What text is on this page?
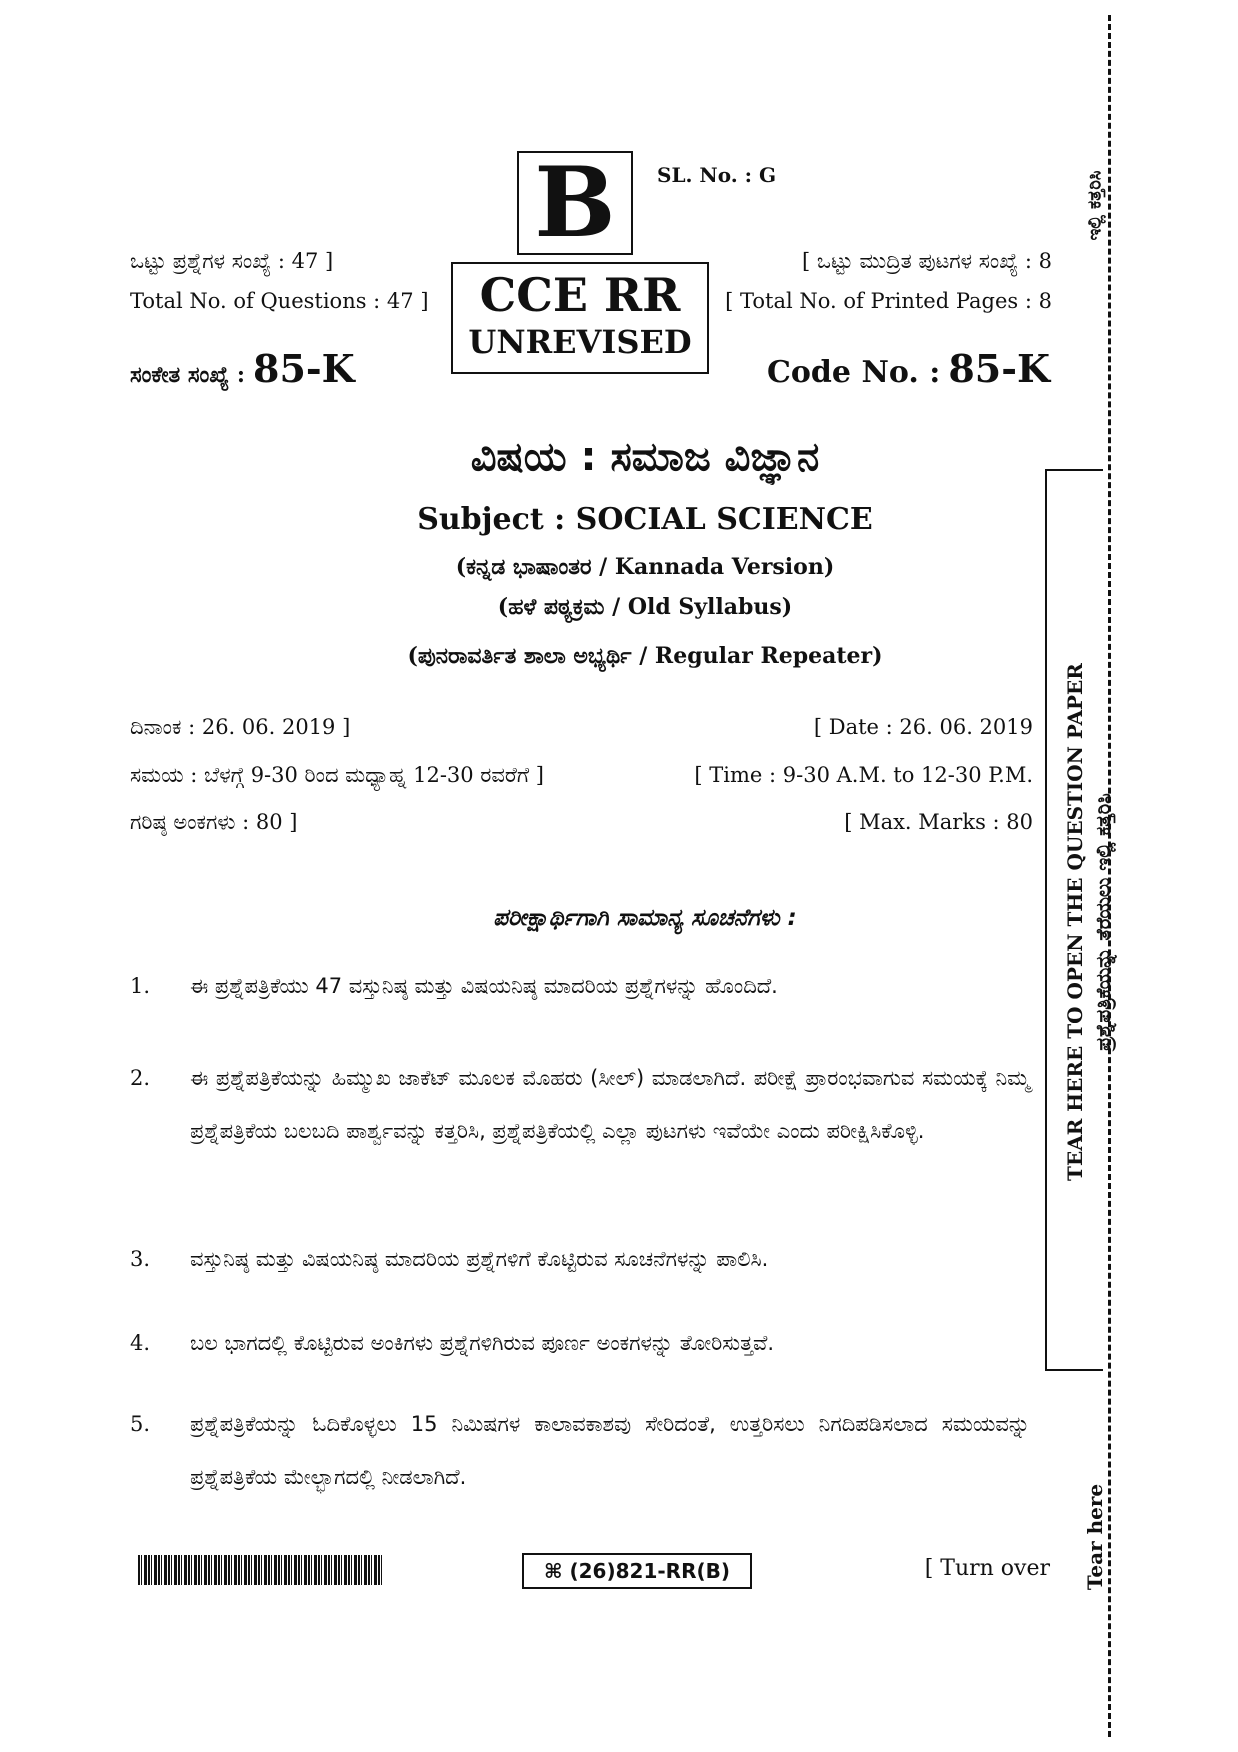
B	SL. No. : G
CCE RR
UNREVISED
ಒಟ್ಟು ಪ್ರಶ್ನೆಗಳ ಸಂಖ್ಯೆ : 47 ]
Total No. of Questions : 47 ]
[ ಒಟ್ಟು ಮುದ್ರಿತ ಪುಟಗಳ ಸಂಖ್ಯೆ : 8
[ Total No. of Printed Pages : 8
ಸಂಕೇತ ಸಂಖ್ಯೆ : 85-K	Code No. : 85-K
ವಿಷಯ : ಸಮಾಜ ವಿಜ್ಞಾನ
Subject : SOCIAL SCIENCE
(ಕನ್ನಡ ಭಾಷಾಂತರ / Kannada Version)
(ಹಳೆ ಪಠ್ಯಕ್ರಮ / Old Syllabus)
(ಪುನರಾವರ್ತಿತ ಶಾಲಾ ಅಭ್ಯರ್ಥಿ / Regular Repeater)
ದಿನಾಂಕ : 26. 06. 2019 ]	[ Date : 26. 06. 2019
ಸಮಯ : ಬೆಳಗ್ಗೆ 9-30 ರಿಂದ ಮಧ್ಯಾಹ್ನ 12-30 ರವರೆಗೆ ]	[ Time : 9-30 A.M. to 12-30 P.M.
ಗರಿಷ್ಠ ಅಂಕಗಳು : 80 ]	[ Max. Marks : 80
ಪರೀಕ್ಷಾರ್ಥಿಗಾಗಿ ಸಾಮಾನ್ಯ ಸೂಚನೆಗಳು :
1. ಈ ಪ್ರಶ್ನೆಪತ್ರಿಕೆಯು 47 ವಸ್ತುನಿಷ್ಠ ಮತ್ತು ವಿಷಯನಿಷ್ಠ ಮಾದರಿಯ ಪ್ರಶ್ನೆಗಳನ್ನು ಹೊಂದಿದೆ.
2. ಈ ಪ್ರಶ್ನೆಪತ್ರಿಕೆಯನ್ನು ಹಿಮ್ಮುಖ ಜಾಕೆಟ್ ಮೂಲಕ ಮೊಹರು (ಸೀಲ್) ಮಾಡಲಾಗಿದೆ. ಪರೀಕ್ಷೆ ಪ್ರಾರಂಭವಾಗುವ ಸಮಯಕ್ಕೆ ನಿಮ್ಮ ಪ್ರಶ್ನೆಪತ್ರಿಕೆಯ ಬಲಬದಿ ಪಾರ್ಶ್ವವನ್ನು ಕತ್ತರಿಸಿ, ಪ್ರಶ್ನೆಪತ್ರಿಕೆಯಲ್ಲಿ ಎಲ್ಲಾ ಪುಟಗಳು ಇವೆಯೇ ಎಂದು ಪರೀಕ್ಷಿಸಿಕೊಳ್ಳಿ.
3. ವಸ್ತುನಿಷ್ಠ ಮತ್ತು ವಿಷಯನಿಷ್ಠ ಮಾದರಿಯ ಪ್ರಶ್ನೆಗಳಿಗೆ ಕೊಟ್ಟಿರುವ ಸೂಚನೆಗಳನ್ನು ಪಾಲಿಸಿ.
4. ಬಲ ಭಾಗದಲ್ಲಿ ಕೊಟ್ಟಿರುವ ಅಂಕಿಗಳು ಪ್ರಶ್ನೆಗಳಿಗಿರುವ ಪೂರ್ಣ ಅಂಕಗಳನ್ನು ತೋರಿಸುತ್ತವೆ.
5. ಪ್ರಶ್ನೆಪತ್ರಿಕೆಯನ್ನು ಓದಿಕೊಳ್ಳಲು 15 ನಿಮಿಷಗಳ ಕಾಲಾವಕಾಶವು ಸೇರಿದಂತೆ, ಉತ್ತರಿಸಲು ನಿಗದಿಪಡಿಸಲಾದ ಸಮಯವನ್ನು ಪ್ರಶ್ನೆಪತ್ರಿಕೆಯ ಮೇಲ್ಭಾಗದಲ್ಲಿ ನೀಡಲಾಗಿದೆ.
⌘ (26)821-RR(B)	[ Turn over
ಇಲ್ಲಿ ಕತ್ತರಿಸಿ
TEAR HERE TO OPEN THE QUESTION PAPER ಪ್ರಶ್ನೆಪತ್ರಿಕೆಯನ್ನು ತೆರೆಯಲು ಇಲ್ಲಿ ಕತ್ತರಿಸಿ
Tear here
